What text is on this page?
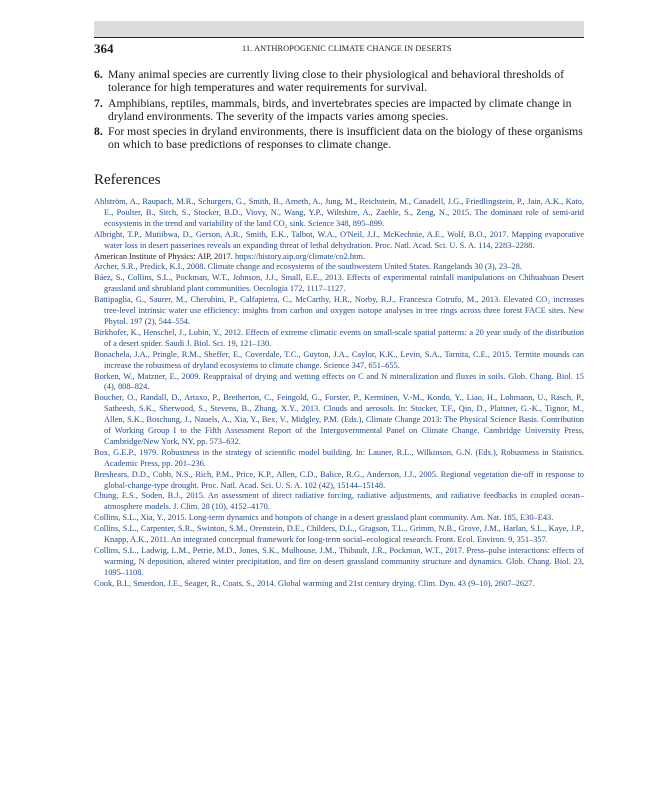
364	11. ANTHROPOGENIC CLIMATE CHANGE IN DESERTS
6. Many animal species are currently living close to their physiological and behavioral thresholds of tolerance for high temperatures and water requirements for survival.
7. Amphibians, reptiles, mammals, birds, and invertebrates species are impacted by climate change in dryland environments. The severity of the impacts varies among species.
8. For most species in dryland environments, there is insufficient data on the biology of these organisms on which to base predictions of responses to climate change.
References
Ahlström, A., Raupach, M.R., Schurgers, G., Smith, B., Arneth, A., Jung, M., Reichstein, M., Canadell, J.G., Friedlingstein, P., Jain, A.K., Kato, E., Poulter, B., Sitch, S., Stocker, B.D., Viovy, N., Wang, Y.P., Wiltshire, A., Zaehle, S., Zeng, N., 2015. The dominant role of semi-arid ecosystems in the trend and variability of the land CO₂ sink. Science 348, 895–899.
Albright, T.P., Mutiibwa, D., Gerson, A.R., Smith, E.K., Talbot, W.A., O'Neil, J.J., McKechnie, A.E., Wolf, B.O., 2017. Mapping evaporative water loss in desert passerines reveals an expanding threat of lethal dehydration. Proc. Natl. Acad. Sci. U. S. A. 114, 2283–2288.
American Institute of Physics: AIP, 2017. https://history.aip.org/climate/co2.htm.
Archer, S.R., Predick, K.I., 2008. Climate change and ecosystems of the southwestern United States. Rangelands 30 (3), 23–28.
Báez, S., Collins, S.L., Pockman, W.T., Johnson, J.J., Small, E.E., 2013. Effects of experimental rainfall manipulations on Chihuahuan Desert grassland and shrubland plant communities. Oecologia 172, 1117–1127.
Battipaglia, G., Saurer, M., Cherubini, P., Calfapietra, C., McCarthy, H.R., Norby, R.J., Francesca Cotrufo, M., 2013. Elevated CO₂ increases tree-level intrinsic water use efficiency: insights from carbon and oxygen isotope analyses in tree rings across three forest FACE sites. New Phytol. 197 (2), 544–554.
Birkhofer, K., Henschel, J., Lubin, Y., 2012. Effects of extreme climatic events on small-scale spatial patterns: a 20 year study of the distribution of a desert spider. Saudi J. Biol. Sci. 19, 121–130.
Bonachela, J.A., Pringle, R.M., Sheffer, E., Coverdale, T.C., Guyton, J.A., Caylor, K.K., Levin, S.A., Tarnita, C.E., 2015. Termite mounds can increase the robustness of dryland ecosystems to climate change. Science 347, 651–655.
Borken, W., Matzner, E., 2009. Reappraisal of drying and wetting effects on C and N mineralization and fluxes in soils. Glob. Chang. Biol. 15 (4), 808–824.
Boucher, O., Randall, D., Artaxo, P., Bretherton, C., Feingold, G., Forster, P., Kerminen, V.-M., Kondo, Y., Liao, H., Lohmann, U., Rasch, P., Satheesh, S.K., Sherwood, S., Stevens, B., Zhang, X.Y., 2013. Clouds and aerosols. In: Stocker, T.F., Qin, D., Plattner, G.-K., Tignor, M., Allen, S.K., Boschung, J., Nauels, A., Xia, Y., Bex, V., Midgley, P.M. (Eds.), Climate Change 2013: The Physical Science Basis. Contribution of Working Group I to the Fifth Assessment Report of the Intergovernmental Panel on Climate Change. Cambridge University Press, Cambridge/New York, NY, pp. 573–632.
Box, G.E.P., 1979. Robustness in the strategy of scientific model building. In: Launer, R.L., Wilkinson, G.N. (Eds.), Robustness in Statistics. Academic Press, pp. 201–236.
Breshears, D.D., Cobb, N.S., Rich, P.M., Price, K.P., Allen, C.D., Balice, R.G., Anderson, J.J., 2005. Regional vegetation die-off in response to global-change-type drought. Proc. Natl. Acad. Sci. U. S. A. 102 (42), 15144–15148.
Chung, E.S., Soden, B.J., 2015. An assessment of direct radiative forcing, radiative adjustments, and radiative feedbacks in coupled ocean–atmosphere models. J. Clim. 28 (10), 4152–4170.
Collins, S.L., Xia, Y., 2015. Long-term dynamics and hotspots of change in a desert grassland plant community. Am. Nat. 185, E30–E43.
Collins, S.L., Carpenter, S.R., Swinton, S.M., Orenstein, D.E., Childers, D.L., Gragson, T.L., Grimm, N.B., Grove, J.M., Harlan, S.L., Kaye, J.P., Knapp, A.K., 2011. An integrated conceptual framework for long-term social–ecological research. Front. Ecol. Environ. 9, 351–357.
Collins, S.L., Ladwig, L.M., Petrie, M.D., Jones, S.K., Mulhouse, J.M., Thibault, J.R., Pockman, W.T., 2017. Press–pulse interactions: effects of warming, N deposition, altered winter precipitation, and fire on desert grassland community structure and dynamics. Glob. Chang. Biol. 23, 1095–1108.
Cook, B.I., Smerdon, J.E., Seager, R., Coats, S., 2014. Global warming and 21st century drying. Clim. Dyn. 43 (9–10), 2607–2627.
